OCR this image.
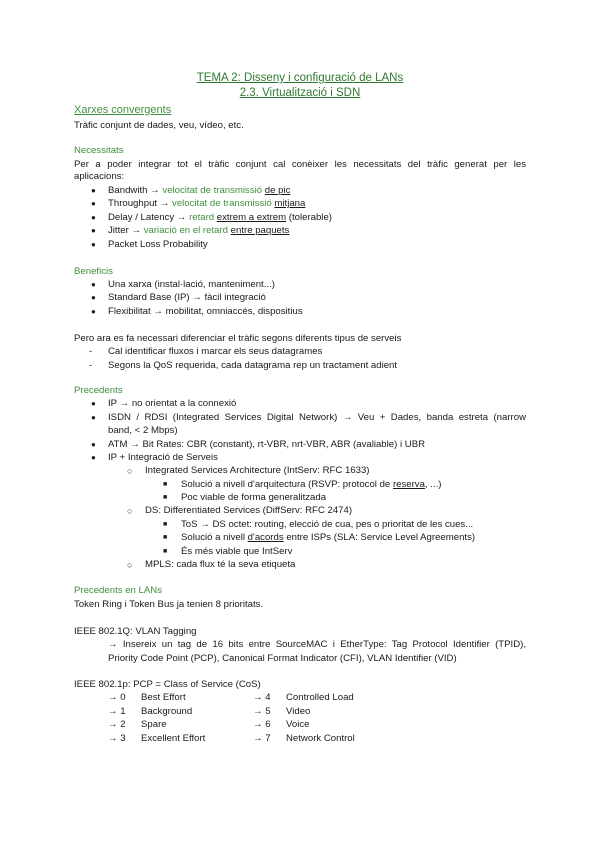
TEMA 2: Disseny i configuració de LANs
2.3. Virtualització i SDN
Xarxes convergents
Tràfic conjunt de dades, veu, vídeo, etc.
Necessitats
Per a poder integrar tot el tràfic conjunt cal conèixer les necessitats del tràfic generat per les
aplicacions:
● Bandwith → velocitat de transmissió de pic
● Throughput → velocitat de transmissió mitjana
● Delay / Latency → retard extrem a extrem (tolerable)
● Jitter → variació en el retard entre paquets
● Packet Loss Probability
Beneficis
● Una xarxa (instal·lació, manteniment...)
● Standard Base (IP) → fàcil integració
● Flexibilitat → mobilitat, omniaccés, dispositius
Pero ara es fa necessari diferenciar el tràfic segons diferents tipus de serveis
- Cal identificar fluxos i marcar els seus datagrames
- Segons la QoS requerida, cada datagrama rep un tractament adient
Precedents
● IP → no orientat a la connexió
● ISDN / RDSI (Integrated Services Digital Network) → Veu + Dades, banda estreta (narrow
band, < 2 Mbps)
● ATM → Bit Rates: CBR (constant), rt-VBR, nrt-VBR, ABR (avaliable) i UBR
● IP + Integració de Serveis
○ Integrated Services Architecture (IntServ: RFC 1633)
■ Solució a nivell d'arquitectura (RSVP: protocol de reserva, ...)
■ Poc viable de forma generalitzada
○ DS: Differentiated Services (DiffServ: RFC 2474)
■ ToS → DS octet: routing, elecció de cua, pes o prioritat de les cues...
■ Solució a nivell d'acords entre ISPs (SLA: Service Level Agreements)
■ És més viable que IntServ
○ MPLS: cada flux té la seva etiqueta
Precedents en LANs
Token Ring i Token Bus ja tenien 8 prioritats.
IEEE 802.1Q: VLAN Tagging
→ Insereix un tag de 16 bits entre SourceMAC i EtherType: Tag Protocol Identifier (TPID),
Priority Code Point (PCP), Canonical Format Indicator (CFI), VLAN Identifier (VID)
IEEE 802.1p: PCP = Class of Service (CoS)
→ 0 Best Effort
→ 1 Background
→ 2 Spare
→ 3 Excellent Effort
→ 4 Controlled Load
→ 5 Video
→ 6 Voice
→ 7 Network Control
